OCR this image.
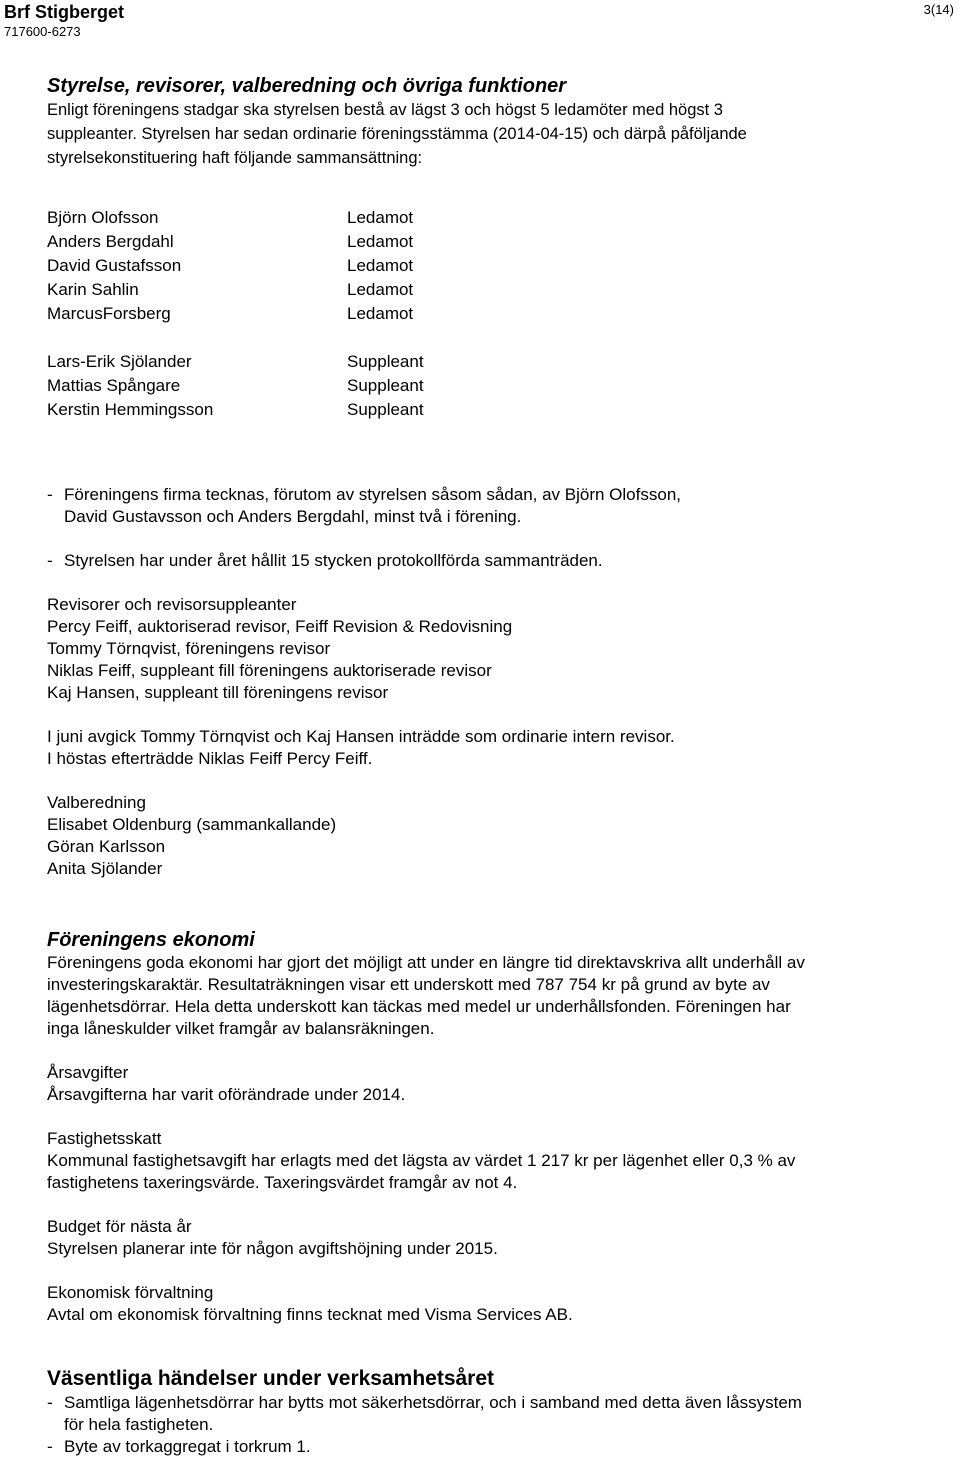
Brf Stigberget
717600-6273
3(14)
Styrelse, revisorer, valberedning och övriga funktioner

Enligt föreningens stadgar ska styrelsen bestå av lägst 3 och högst 5 ledamöter med högst 3

suppleanter. Styrelsen har sedan ordinarie föreningsstämma (2014-04-15) och därpå påföljande

styrelsekonstituering haft följande sammansättning:

Björn Olofsson
Anders Bergdahl
David Gustafsson
Karin Sahlin
MarcusForsberg
Lars-Erik Sjölander
Mattias Spångare
Kerstin Hemmingsson
Ledamot
Ledamot
Ledamot
Ledamot
Ledamot
Suppleant
Suppleant
Suppleant
- Föreningens firma tecknas, förutom av styrelsen såsom sådan, av Björn Olofsson,
David Gustavsson och Anders Bergdahl, minst två i förening.
- Styrelsen har under året hållit 15 stycken protokollförda sammanträden.

Revisorer och revisorsuppleanter

Percy Feiff, auktoriserad revisor, Feiff Revision & Redovisning

Tommy Törnqvist, föreningens revisor

Niklas Feiff, suppleant fill föreningens auktoriserade revisor

Kaj Hansen, suppleant till föreningens revisor

I juni avgick Tommy Törnqvist och Kaj Hansen inträdde som ordinarie intern revisor.

I höstas efterträdde Niklas Feiff Percy Feiff.

Valberedning

Elisabet Oldenburg (sammankallande)

Göran Karlsson

Anita Sjölander

Föreningens ekonomi

Föreningens goda ekonomi har gjort det möjligt att under en längre tid direktavskriva allt underhåll av

investeringskaraktär. Resultaträkningen visar ett underskott med 787 754 kr på grund av byte av

lägenhetsdörrar. Hela detta underskott kan täckas med medel ur underhållsfonden. Föreningen har

inga låneskulder vilket framgår av balansräkningen.

Årsavgifter

Årsavgifterna har varit oförändrade under 2014.

Fastighetsskatt

Kommunal fastighetsavgift har erlagts med det lägsta av värdet 1 217 kr per lägenhet eller 0,3 % av

fastighetens taxeringsvärde. Taxeringsvärdet framgår av not 4.

Budget för nästa år

Styrelsen planerar inte för någon avgiftshöjning under 2015.

Ekonomisk förvaltning

Avtal om ekonomisk förvaltning finns tecknat med Visma Services AB.

Väsentliga händelser under verksamhetsåret
- Samtliga lägenhetsdörrar har bytts mot säkerhetsdörrar, och i samband med detta även låssystem
för hela fastigheten.
- Byte av torkaggregat i torkrum 1.
